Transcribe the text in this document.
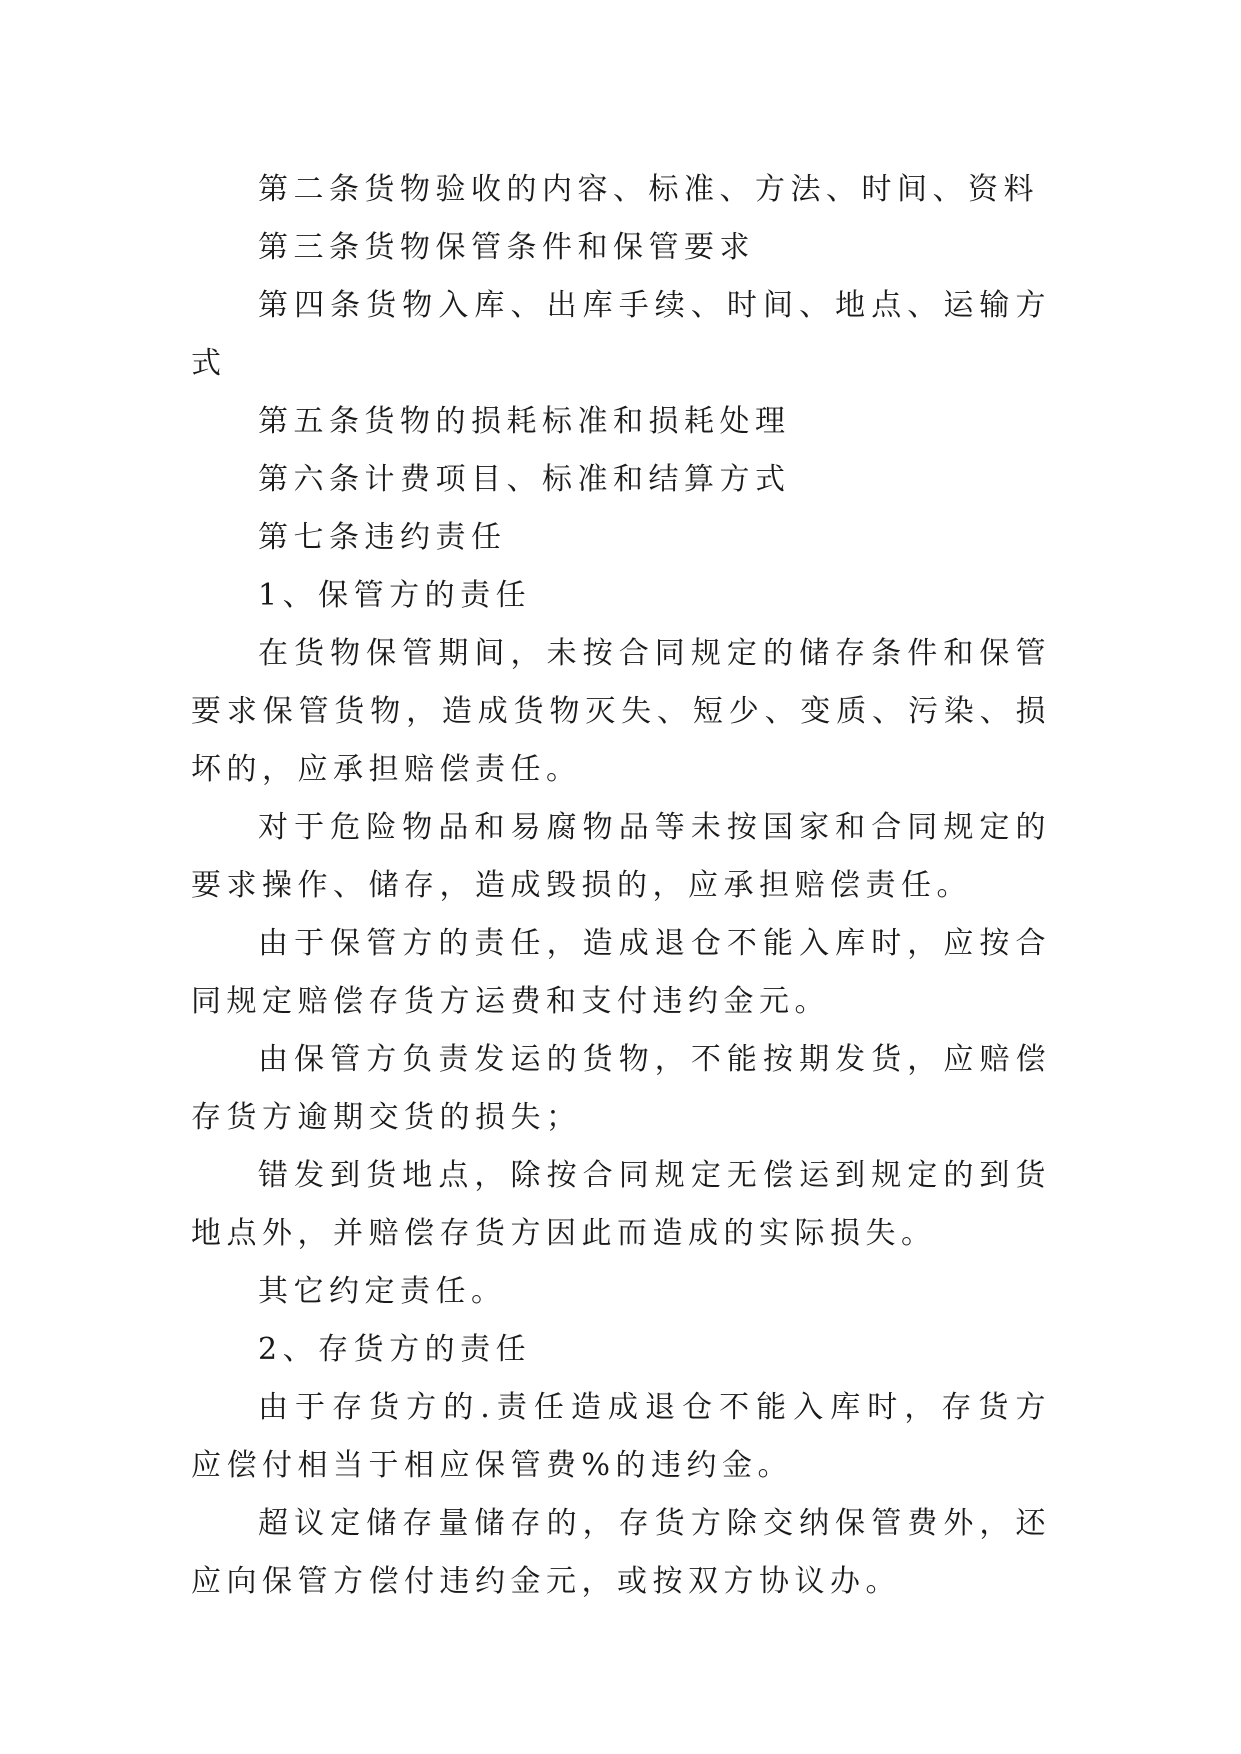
第二条货物验收的内容、标准、方法、时间、资料

第三条货物保管条件和保管要求

第四条货物入库、出库手续、时间、地点、运输方式

第五条货物的损耗标准和损耗处理

第六条计费项目、标准和结算方式

第七条违约责任

1、保管方的责任

在货物保管期间，未按合同规定的储存条件和保管要求保管货物，造成货物灭失、短少、变质、污染、损坏的，应承担赔偿责任。

对于危险物品和易腐物品等未按国家和合同规定的要求操作、储存，造成毁损的，应承担赔偿责任。

由于保管方的责任，造成退仓不能入库时，应按合同规定赔偿存货方运费和支付违约金元。

由保管方负责发运的货物，不能按期发货，应赔偿存货方逾期交货的损失；

错发到货地点，除按合同规定无偿运到规定的到货地点外，并赔偿存货方因此而造成的实际损失。

其它约定责任。

2、存货方的责任

由于存货方的.责任造成退仓不能入库时，存货方应偿付相当于相应保管费%的违约金。

超议定储存量储存的，存货方除交纳保管费外，还应向保管方偿付违约金元，或按双方协议办。
